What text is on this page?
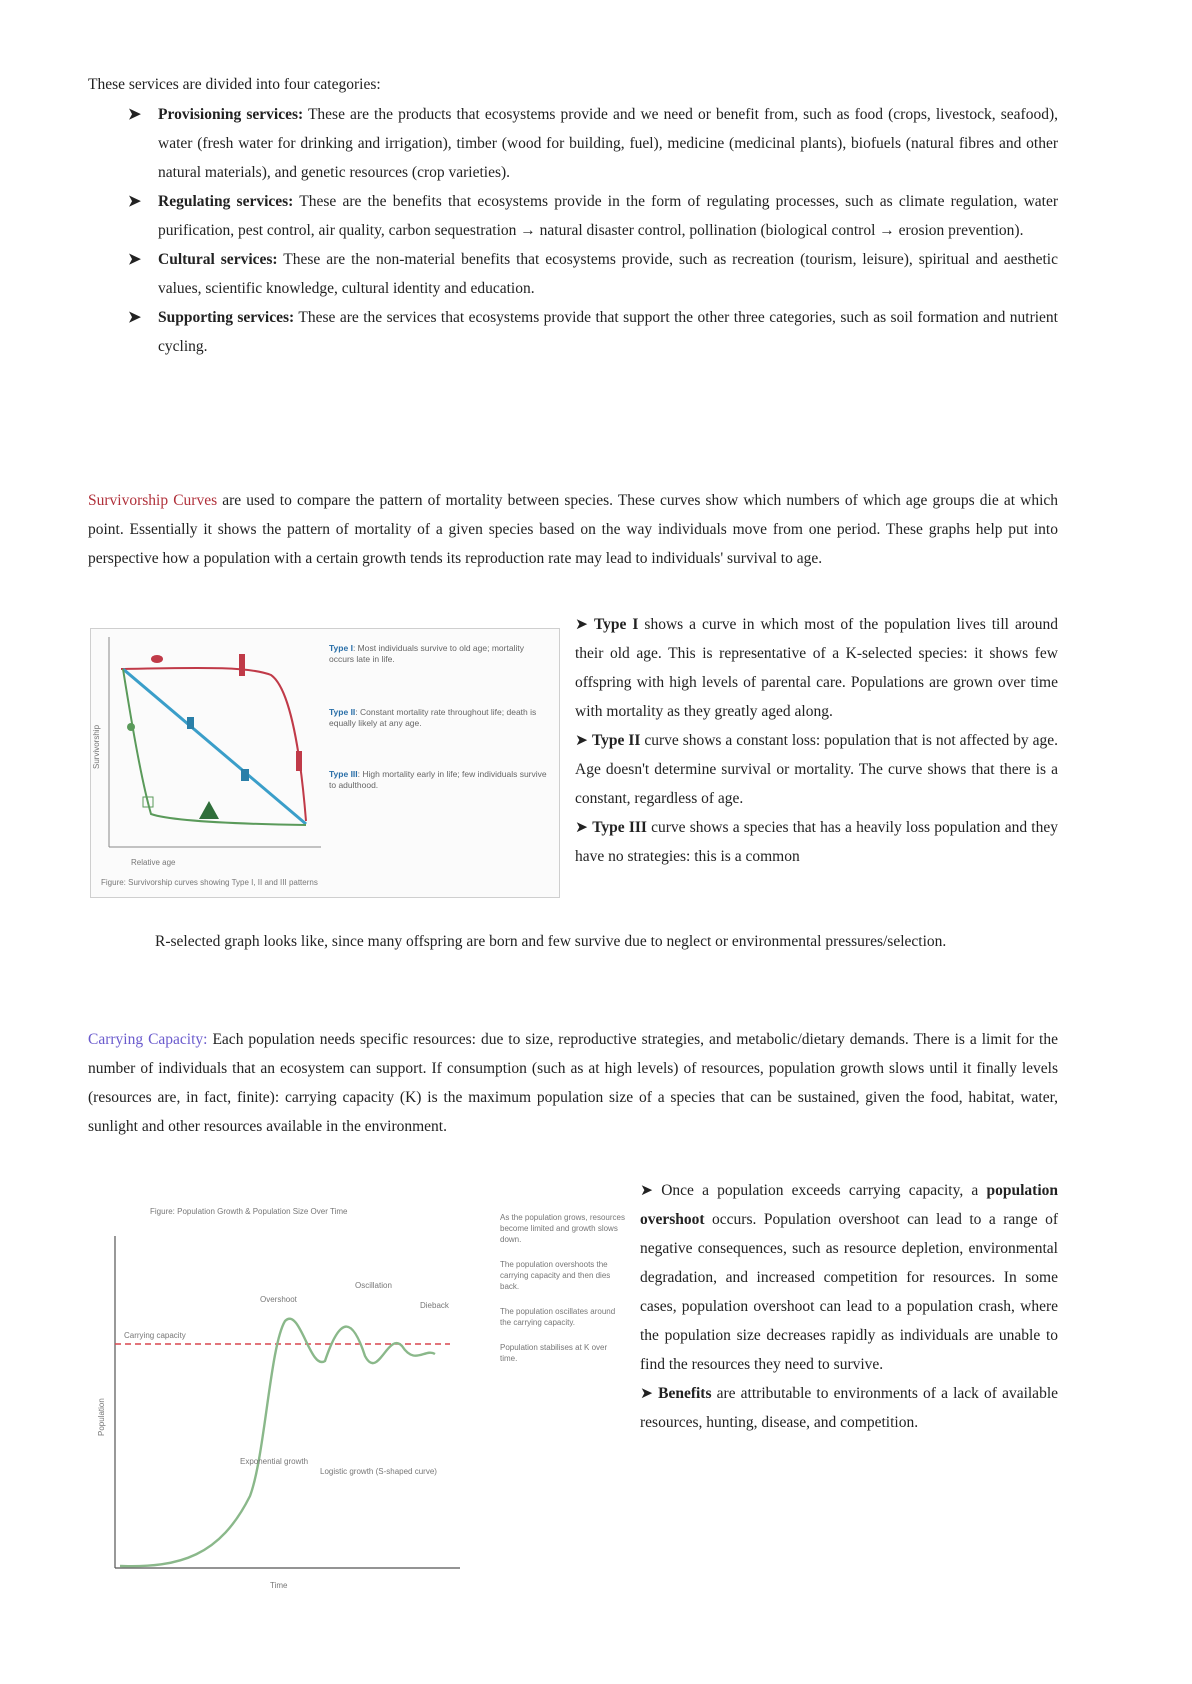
These services are divided into four categories:

➤	Provisioning services: These are the products that ecosystems provide and we need or benefit from, such as food (crops, livestock, seafood), water (fresh water for drinking and irrigation), timber (wood for building, fuel), medicine (medicinal plants), biofuels (natural fibres and other natural materials), and genetic resources (crop varieties).
➤	Regulating services: These are the benefits that ecosystems provide in the form of regulating processes, such as climate regulation, water purification, pest control, air quality, carbon sequestration → natural disaster control, pollination (biological control → erosion prevention).
➤	Cultural services: These are the non-material benefits that ecosystems provide, such as recreation (tourism, leisure), spiritual and aesthetic values, scientific knowledge, cultural identity and education.
➤	Supporting services: These are the services that ecosystems provide that support the other three categories, such as soil formation and nutrient cycling.

Survivorship Curves are used to compare the pattern of mortality between species. These curves show which numbers of which age groups die at which point. Essentially it shows the pattern of mortality of a given species based on the way individuals move from one period. These graphs help put into perspective how a population with a certain growth tends its reproduction rate may lead to individuals' survival to age.

Relative age
Survivorship
Figure: Survivorship curves showing Type I, II and III patterns
Type I: Most individuals survive to old age; mortality occurs late in life.
Type II: Constant mortality rate throughout life; death is equally likely at any age.
Type III: High mortality early in life; few individuals survive to adulthood.
➤ Type I shows a curve in which most of the population lives till around their old age. This is representative of a K-selected species: it shows few offspring with high levels of parental care. Populations are grown over time with mortality as they greatly aged along.
➤ Type II curve shows a constant loss: population that is not affected by age. Age doesn't determine survival or mortality. The curve shows that there is a constant, regardless of age.
➤ Type III curve shows a species that has a heavily loss population and they have no strategies: this is a common

R-selected graph looks like, since many offspring are born and few survive due to neglect or environmental pressures/selection.

Carrying Capacity: Each population needs specific resources: due to size, reproductive strategies, and metabolic/dietary demands. There is a limit for the number of individuals that an ecosystem can support. If consumption (such as at high levels) of resources, population growth slows until it finally levels (resources are, in fact, finite): carrying capacity (K) is the maximum population size of a species that can be sustained, given the food, habitat, water, sunlight and other resources available in the environment.

Figure: Population Growth & Population Size Over Time
Carrying capacity
Overshoot
Oscillation
Dieback
Logistic growth (S-shaped curve)
Exponential growth
Population
Time
As the population grows, resources become limited and growth slows down.
The population overshoots the carrying capacity and then dies back.
The population oscillates around the carrying capacity.
Population stabilises at K over time.

➤ Once a population exceeds carrying capacity, a population overshoot occurs. Population overshoot can lead to a range of negative consequences, such as resource depletion, environmental degradation, and increased competition for resources. In some cases, population overshoot can lead to a population crash, where the population size decreases rapidly as individuals are unable to find the resources they need to survive.

➤ Benefits are attributable to environments of a lack of available resources, hunting, disease, and competition.
